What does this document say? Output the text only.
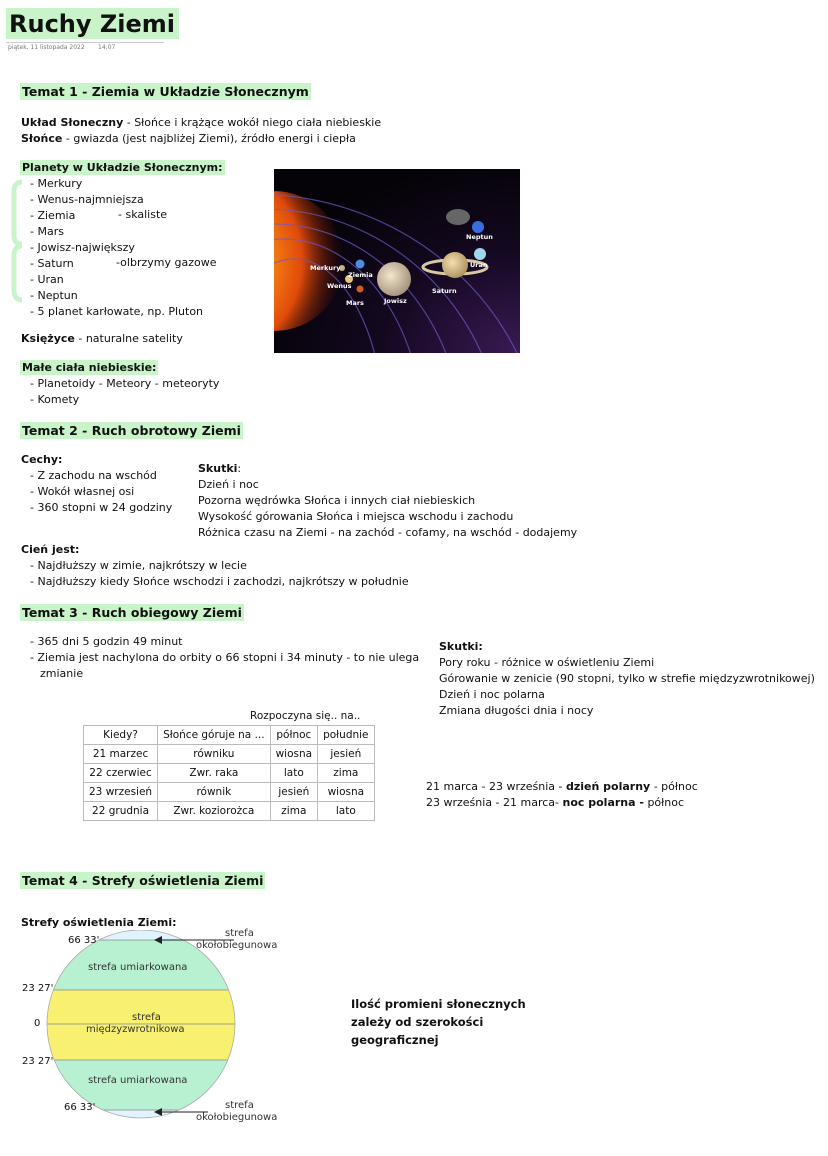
Ruchy Ziemi
piątek, 11 listopada 2022 14:07
Temat 1 - Ziemia w Układzie Słonecznym
Układ Słoneczny - Słońce i krążące wokół niego ciała niebieskie
Słońce - gwiazda (jest najbliżej Ziemi), źródło energi i ciepła
Planety w Układzie Słonecznym:
- Merkury
- Wenus-najmniejsza
- Ziemia
- Mars
- Jowisz-największy
- Saturn
- Uran
- Neptun
- 5 planet karłowate, np. Pluton
- skaliste
-olbrzymy gazowe
Księżyce - naturalne satelity
Małe ciała niebieskie:
- Planetoidy - Meteory - meteoryty
- Komety
Merkury
Ziemia
Wenus
Mars	Jowisz
Saturn
Uran
Neptun
Temat 2 - Ruch obrotowy Ziemi
Cechy:
- Z zachodu na wschód
- Wokół własnej osi
- 360 stopni w 24 godziny
Skutki:
Dzień i noc
Pozorna wędrówka Słońca i innych ciał niebieskich
Wysokość górowania Słońca i miejsca wschodu i zachodu
Różnica czasu na Ziemi - na zachód - cofamy, na wschód - dodajemy
Cień jest:
- Najdłuższy w zimie, najkrótszy w lecie
- Najdłuższy kiedy Słońce wschodzi i zachodzi, najkrótszy w południe
Temat 3 - Ruch obiegowy Ziemi
- 365 dni 5 godzin 49 minut
- Ziemia jest nachylona do orbity o 66 stopni i 34 minuty - to nie ulega
zmianie
Skutki:
Pory roku - różnice w oświetleniu Ziemi
Górowanie w zenicie (90 stopni, tylko w strefie międzyzwrotnikowej)
Dzień i noc polarna
Zmiana długości dnia i nocy
Rozpoczyna się.. na..
Kiedy?	Słońce góruje na ...	północ	południe
21 marzec	równiku	wiosna	jesień
22 czerwiec	Zwr. raka	lato	zima
23 wrzesień	równik	jesień	wiosna
22 grudnia	Zwr. koziorożca	zima	lato
21 marca - 23 września - dzień polarny - północ
23 września - 21 marca- noc polarna - północ
Temat 4 - Strefy oświetlenia Ziemi
Strefy oświetlenia Ziemi:
66 33'
23 27'
0
23 27'
66 33'
strefa umiarkowana
strefa
międzyzwrotnikowa
strefa umiarkowana
strefa
okołobiegunowa
strefa
okołobiegunowa
Ilość promieni słonecznych
zależy od szerokości
geograficznej
